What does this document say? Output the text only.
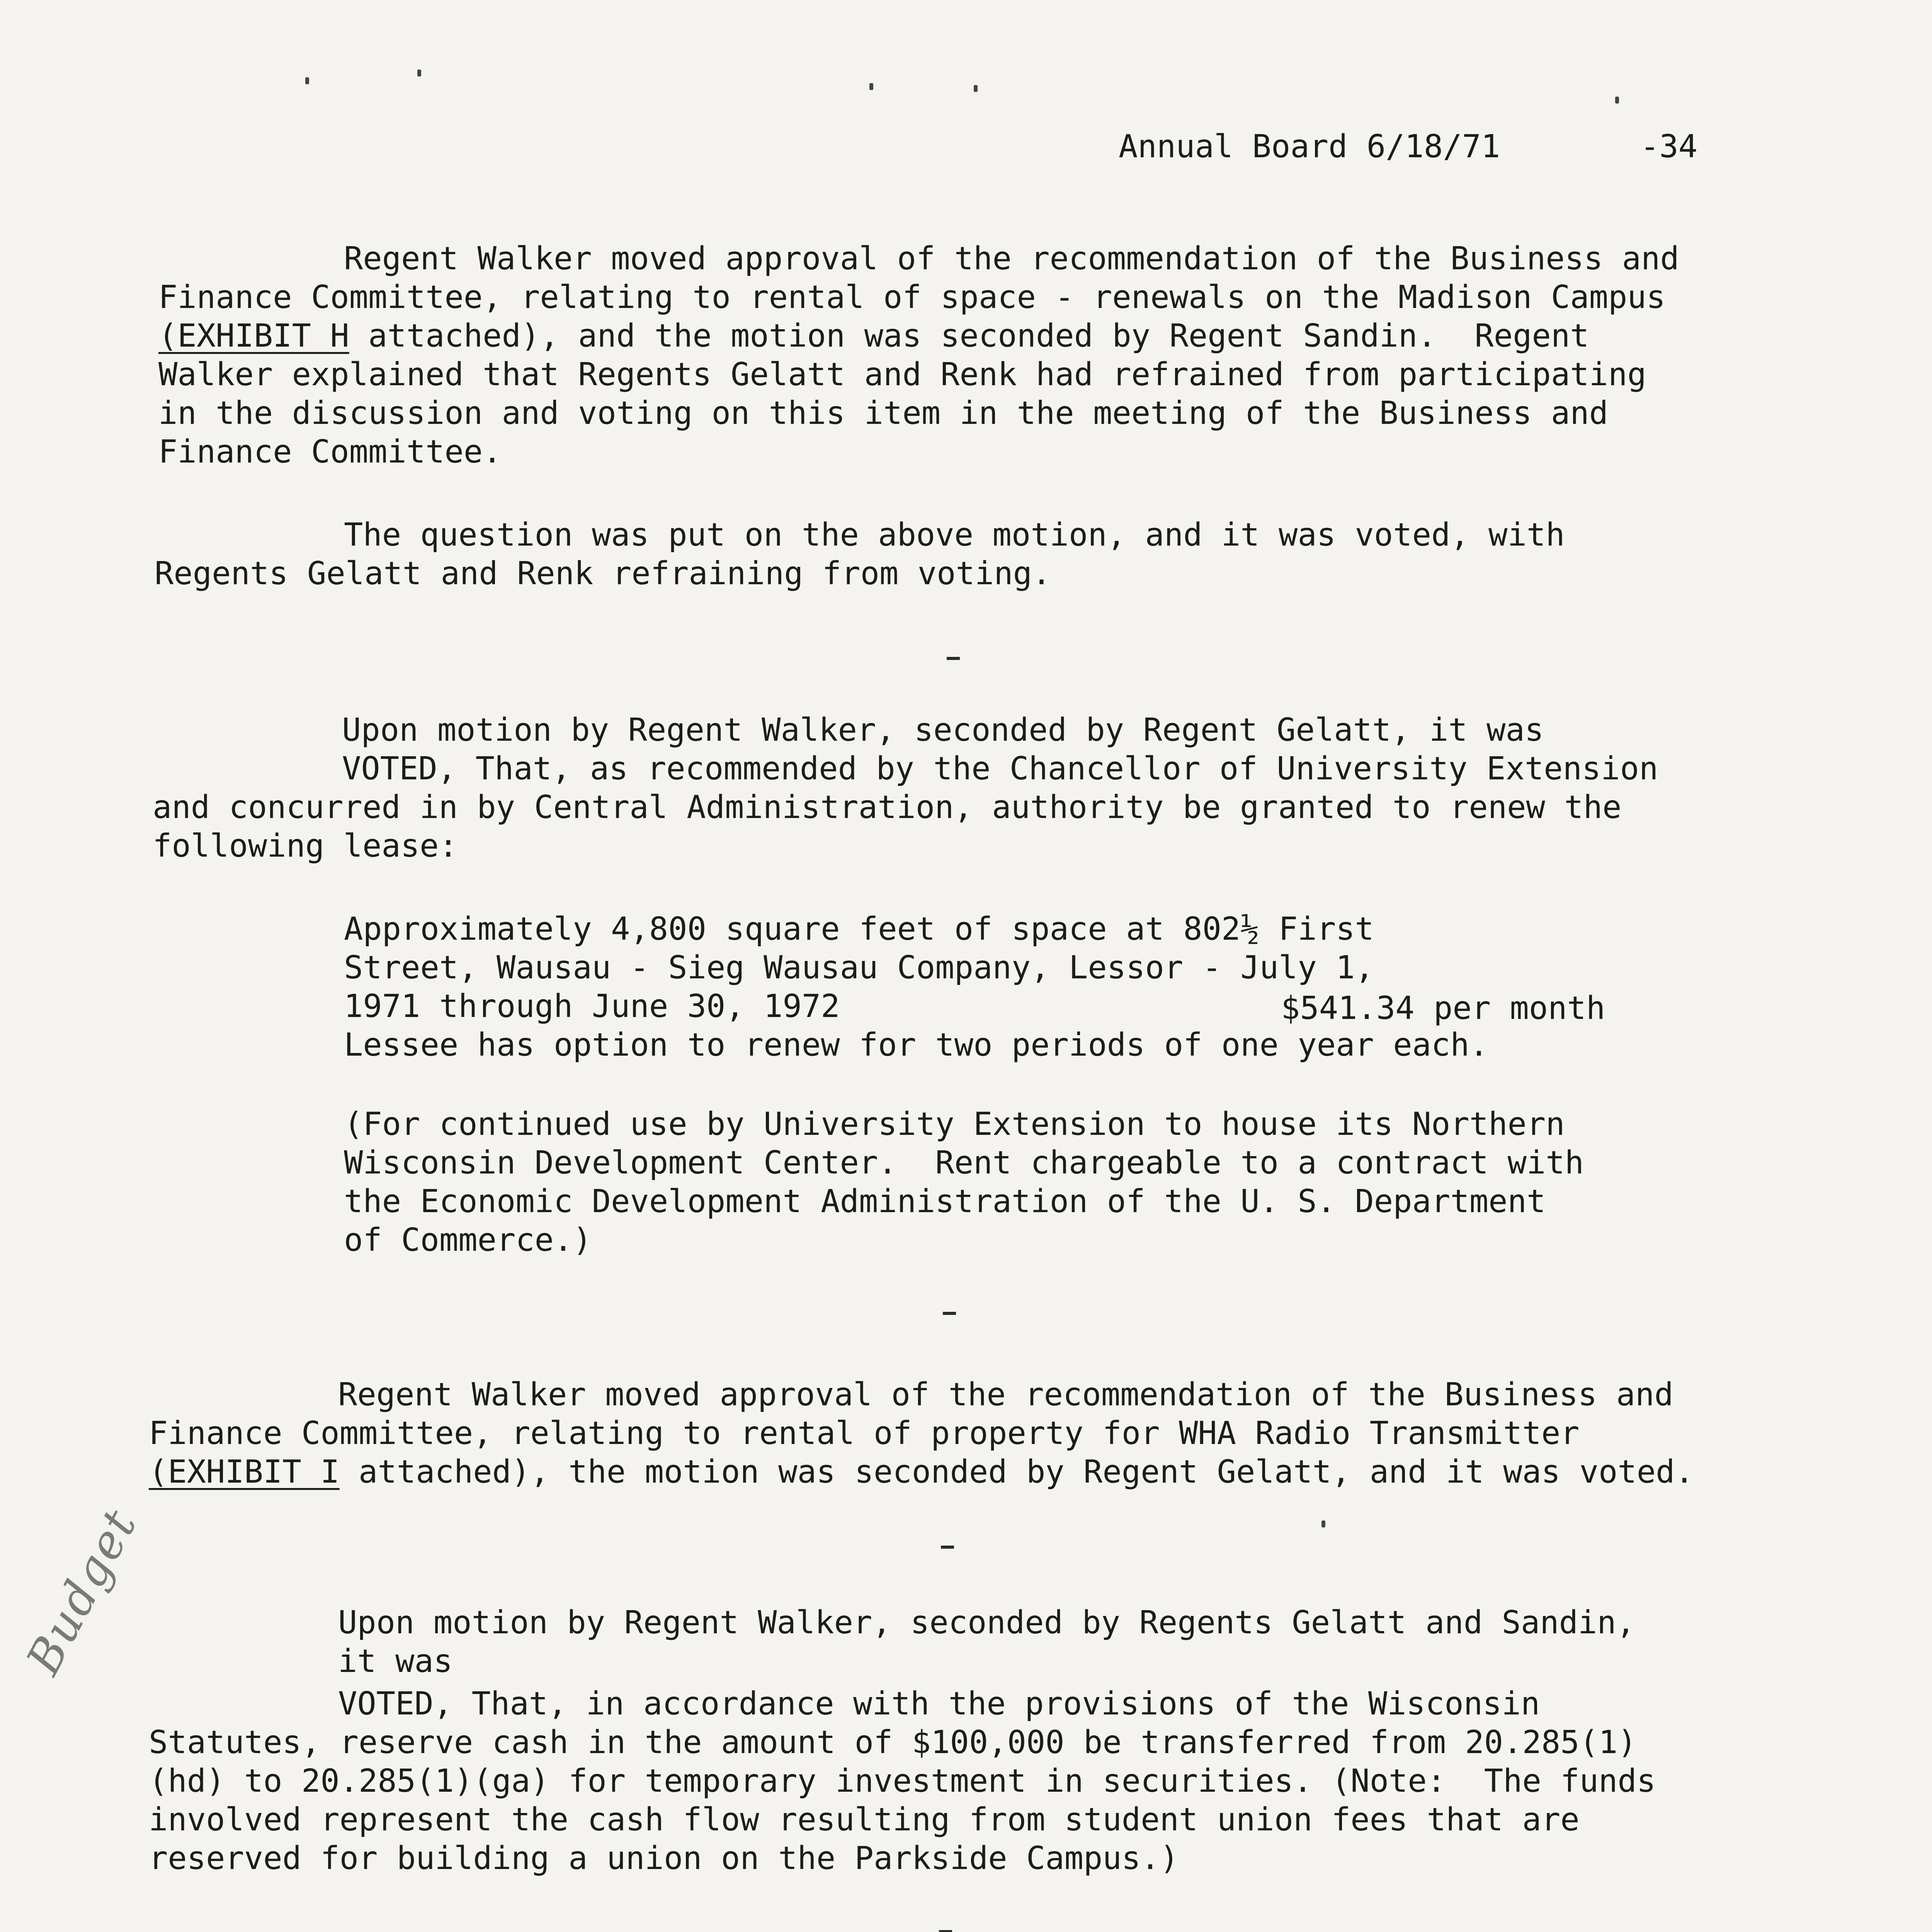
Annual Board 6/18/71	-34

Regent Walker moved approval of the recommendation of the Business and

Finance Committee, relating to rental of space - renewals on the Madison Campus

(EXHIBIT H attached), and the motion was seconded by Regent Sandin.  Regent

Walker explained that Regents Gelatt and Renk had refrained from participating

in the discussion and voting on this item in the meeting of the Business and

Finance Committee.

The question was put on the above motion, and it was voted, with

Regents Gelatt and Renk refraining from voting.

Upon motion by Regent Walker, seconded by Regent Gelatt, it was

VOTED, That, as recommended by the Chancellor of University Extension

and concurred in by Central Administration, authority be granted to renew the

following lease:

Approximately 4,800 square feet of space at 802½ First

Street, Wausau - Sieg Wausau Company, Lessor - July 1,

1971 through June 30, 1972	$541.34 per month

Lessee has option to renew for two periods of one year each.

(For continued use by University Extension to house its Northern

Wisconsin Development Center.  Rent chargeable to a contract with

the Economic Development Administration of the U. S. Department

of Commerce.)

Regent Walker moved approval of the recommendation of the Business and

Finance Committee, relating to rental of property for WHA Radio Transmitter

(EXHIBIT I attached), the motion was seconded by Regent Gelatt, and it was voted.

Upon motion by Regent Walker, seconded by Regents Gelatt and Sandin,

it was

VOTED, That, in accordance with the provisions of the Wisconsin

Statutes, reserve cash in the amount of $100,000 be transferred from 20.285(1)

(hd) to 20.285(1)(ga) for temporary investment in securities. (Note:  The funds

involved represent the cash flow resulting from student union fees that are

reserved for building a union on the Parkside Campus.)

Budget
